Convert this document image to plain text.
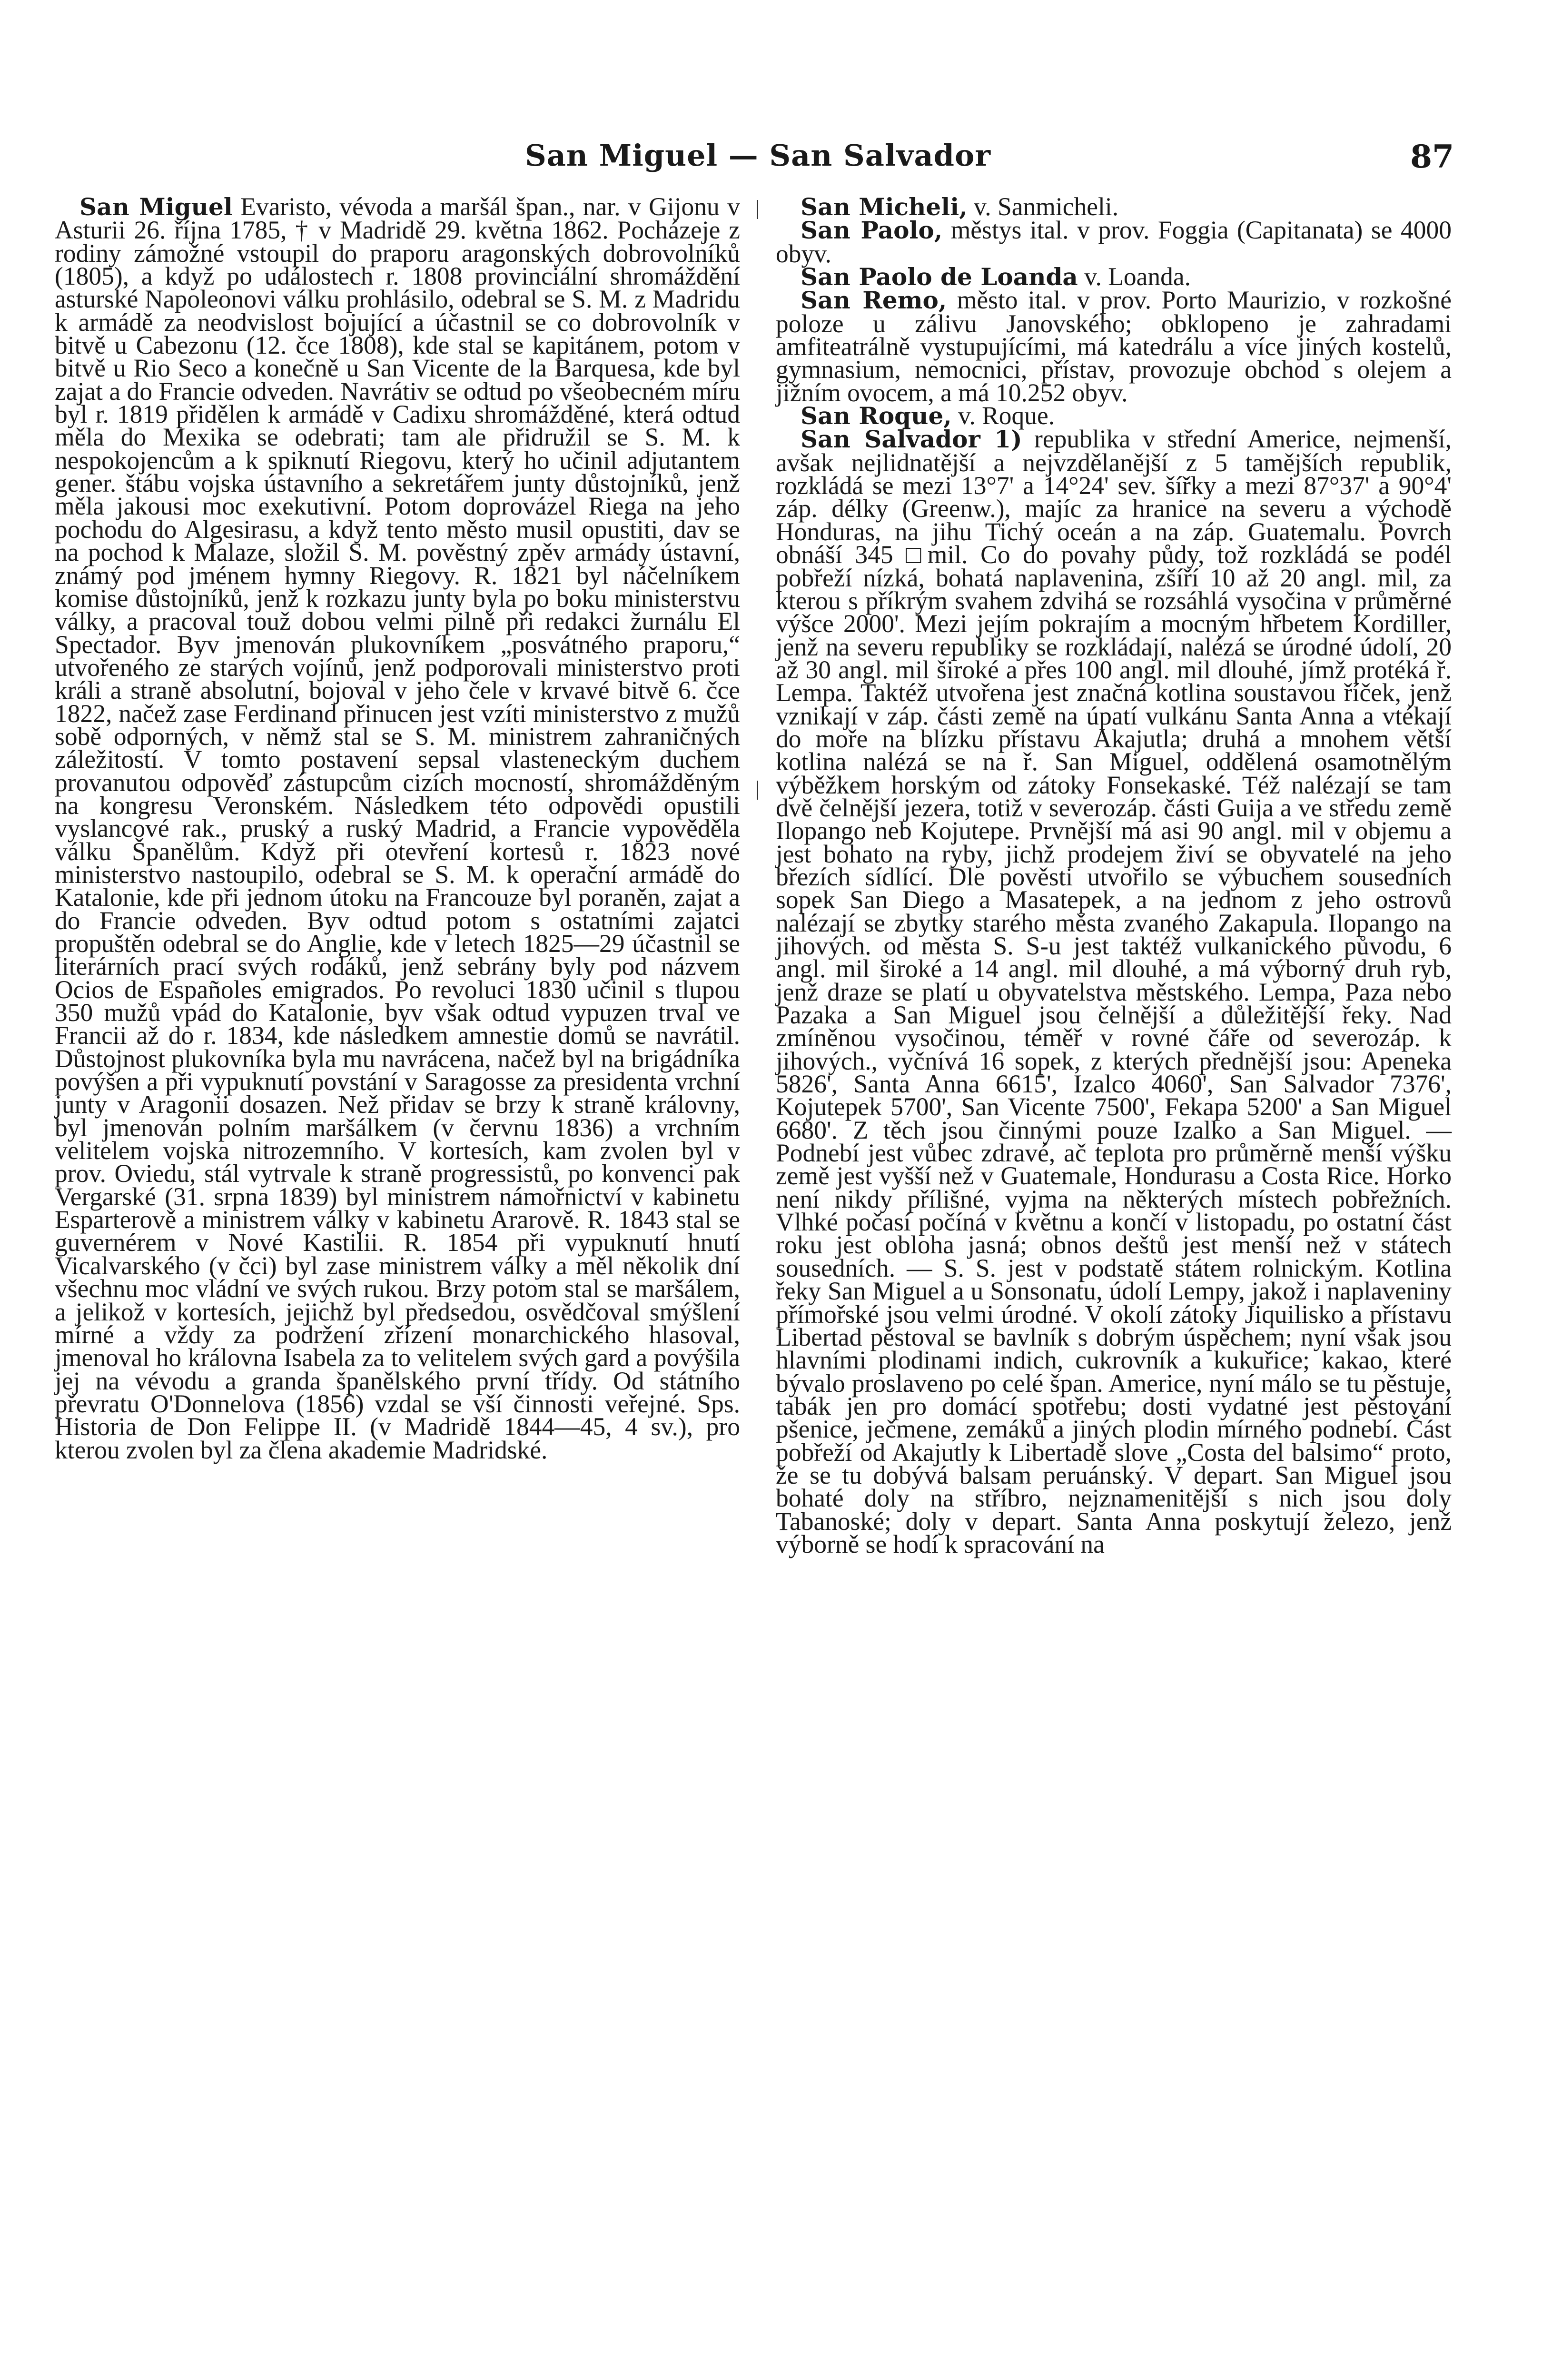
San Miguel — San Salvador	87

San Miguel Evaristo, vévoda a maršál špan., nar. v Gijonu v Asturii 26. října 1785, † v Madridě 29. května 1862. Pocházeje z rodiny zámožné vstoupil do praporu aragonských dobrovolníků (1805), a když po událostech r. 1808 provinciální shromáždění asturské Napoleonovi válku prohlásilo, odebral se S. M. z Madridu k armádě za neodvislost bojující a účastnil se co dobrovolník v bitvě u Cabezonu (12. čce 1808), kde stal se kapitánem, potom v bitvě u Rio Seco a konečně u San Vicente de la Barquesa, kde byl zajat a do Francie odveden. Navrátiv se odtud po všeobecném míru byl r. 1819 přidělen k armádě v Cadixu shromážděné, která odtud měla do Mexika se odebrati; tam ale přidružil se S. M. k nespokojencům a k spiknutí Riegovu, který ho učinil adjutantem gener. štábu vojska ústavního a sekretářem junty důstojníků, jenž měla jakousi moc exekutivní. Potom doprovázel Riega na jeho pochodu do Algesirasu, a když tento město musil opustiti, dav se na pochod k Malaze, složil S. M. pověstný zpěv armády ústavní, známý pod jménem hymny Riegovy. R. 1821 byl náčelníkem komise důstojníků, jenž k rozkazu junty byla po boku ministerstvu války, a pracoval touž dobou velmi pilně při redakci žurnálu El Spectador. Byv jmenován plukovníkem „posvátného praporu,“ utvořeného ze starých vojínů, jenž podporovali ministerstvo proti králi a straně absolutní, bojoval v jeho čele v krvavé bitvě 6. čce 1822, načež zase Ferdinand přinucen jest vzíti ministerstvo z mužů sobě odporných, v němž stal se S. M. ministrem zahraničných záležitostí. V tomto postavení sepsal vlasteneckým duchem provanutou odpověď zástupcům cizích mocností, shromážděným na kongresu Veronském. Následkem této odpovědi opustili vyslancové rak., pruský a ruský Madrid, a Francie vypověděla válku Španělům. Když při otevření kortesů r. 1823 nové ministerstvo nastoupilo, odebral se S. M. k operační armádě do Katalonie, kde při jednom útoku na Francouze byl poraněn, zajat a do Francie odveden. Byv odtud potom s ostatními zajatci propuštěn odebral se do Anglie, kde v letech 1825—29 účastnil se literárních prací svých rodáků, jenž sebrány byly pod názvem Ocios de Españoles emigrados. Po revoluci 1830 učinil s tlupou 350 mužů vpád do Katalonie, byv však odtud vypuzen trval ve Francii až do r. 1834, kde následkem amnestie domů se navrátil. Důstojnost plukovníka byla mu navrácena, načež byl na brigádníka povýšen a při vypuknutí povstání v Saragosse za presidenta vrchní junty v Aragonii dosazen. Než přidav se brzy k straně královny, byl jmenován polním maršálkem (v červnu 1836) a vrchním velitelem vojska nitrozemního. V kortesích, kam zvolen byl v prov. Oviedu, stál vytrvale k straně progressistů, po konvenci pak Vergarské (31. srpna 1839) byl ministrem námořnictví v kabinetu Esparterově a ministrem války v kabinetu Ararově. R. 1843 stal se guvernérem v Nové Kastilii. R. 1854 při vypuknutí hnutí Vicalvarského (v čci) byl zase ministrem války a měl několik dní všechnu moc vládní ve svých rukou. Brzy potom stal se maršálem, a jelikož v kortesích, jejichž byl předsedou, osvědčoval smýšlení mírné a vždy za podržení zřízení monarchického hlasoval, jmenoval ho královna Isabela za to velitelem svých gard a povýšila jej na vévodu a granda španělského první třídy. Od státního převratu O'Donnelova (1856) vzdal se vší činnosti veřejné. Sps. Historia de Don Felippe II. (v Madridě 1844—45, 4 sv.), pro kterou zvolen byl za člena akademie Madridské.

San Micheli, v. Sanmicheli.

San Paolo, městys ital. v prov. Foggia (Capitanata) se 4000 obyv.

San Paolo de Loanda v. Loanda.

San Remo, město ital. v prov. Porto Maurizio, v rozkošné poloze u zálivu Janovského; obklopeno je zahradami amfiteatrálně vystupujícími, má katedrálu a více jiných kostelů, gymnasium, nemocnici, přístav, provozuje obchod s olejem a jižním ovocem, a má 10.252 obyv.

San Roque, v. Roque.

San Salvador 1) republika v střední Americe, nejmenší, avšak nejlidnatější a nejvzdělanější z 5 tamějších republik, rozkládá se mezi 13°7' a 14°24' sev. šířky a mezi 87°37' a 90°4' záp. délky (Greenw.), majíc za hranice na severu a východě Honduras, na jihu Tichý oceán a na záp. Guatemalu. Povrch obnáší 345 □mil. Co do povahy půdy, tož rozkládá se podél pobřeží nízká, bohatá naplavenina, zšíří 10 až 20 angl. mil, za kterou s příkrým svahem zdvihá se rozsáhlá vysočina v průměrné výšce 2000'. Mezi jejím pokrajím a mocným hřbetem Kordiller, jenž na severu republiky se rozkládají, nalézá se úrodné údolí, 20 až 30 angl. mil široké a přes 100 angl. mil dlouhé, jímž protéká ř. Lempa. Taktéž utvořena jest značná kotlina soustavou říček, jenž vznikají v záp. části země na úpatí vulkánu Santa Anna a vtékají do moře na blízku přístavu Akajutla; druhá a mnohem větší kotlina nalézá se na ř. San Miguel, oddělená osamotnělým výběžkem horským od zátoky Fonsekaské. Též nalézají se tam dvě čelnější jezera, totiž v severozáp. části Guija a ve středu země Ilopango neb Kojutepe. Prvnější má asi 90 angl. mil v objemu a jest bohato na ryby, jichž prodejem živí se obyvatelé na jeho březích sídlící. Dle pověsti utvořilo se výbuchem sousedních sopek San Diego a Masatepek, a na jednom z jeho ostrovů nalézají se zbytky starého města zvaného Zakapula. Ilopango na jihových. od města S. S-u jest taktéž vulkanického původu, 6 angl. mil široké a 14 angl. mil dlouhé, a má výborný druh ryb, jenž draze se platí u obyvatelstva městského. Lempa, Paza nebo Pazaka a San Miguel jsou čelnější a důležitější řeky. Nad zmíněnou vysočinou, téměř v rovné čáře od severozáp. k jihových., vyčnívá 16 sopek, z kterých přednější jsou: Apeneka 5826', Santa Anna 6615', Izalco 4060', San Salvador 7376', Kojutepek 5700', San Vicente 7500', Fekapa 5200' a San Miguel 6680'. Z těch jsou činnými pouze Izalko a San Miguel. — Podnebí jest vůbec zdravé, ač teplota pro průměrně menší výšku země jest vyšší než v Guatemale, Hondurasu a Costa Rice. Horko není nikdy přílišné, vyjma na některých místech pobřežních. Vlhké počasí počíná v květnu a končí v listopadu, po ostatní část roku jest obloha jasná; obnos deštů jest menší než v státech sousedních. — S. S. jest v podstatě státem rolnickým. Kotlina řeky San Miguel a u Sonsonatu, údolí Lempy, jakož i naplaveniny přímořské jsou velmi úrodné. V okolí zátoky Jiquilisko a přístavu Libertad pěstoval se bavlník s dobrým úspěchem; nyní však jsou hlavními plodinami indich, cukrovník a kukuřice; kakao, které bývalo proslaveno po celé špan. Americe, nyní málo se tu pěstuje, tabák jen pro domácí spotřebu; dosti vydatné jest pěstování pšenice, ječmene, zemáků a jiných plodin mírného podnebí. Část pobřeží od Akajutly k Libertadě slove „Costa del balsimo“ proto, že se tu dobývá balsam peruánský. V depart. San Miguel jsou bohaté doly na stříbro, nejznamenitější s nich jsou doly Tabanoské; doly v depart. Santa Anna poskytují železo, jenž výborně se hodí k spracování na
